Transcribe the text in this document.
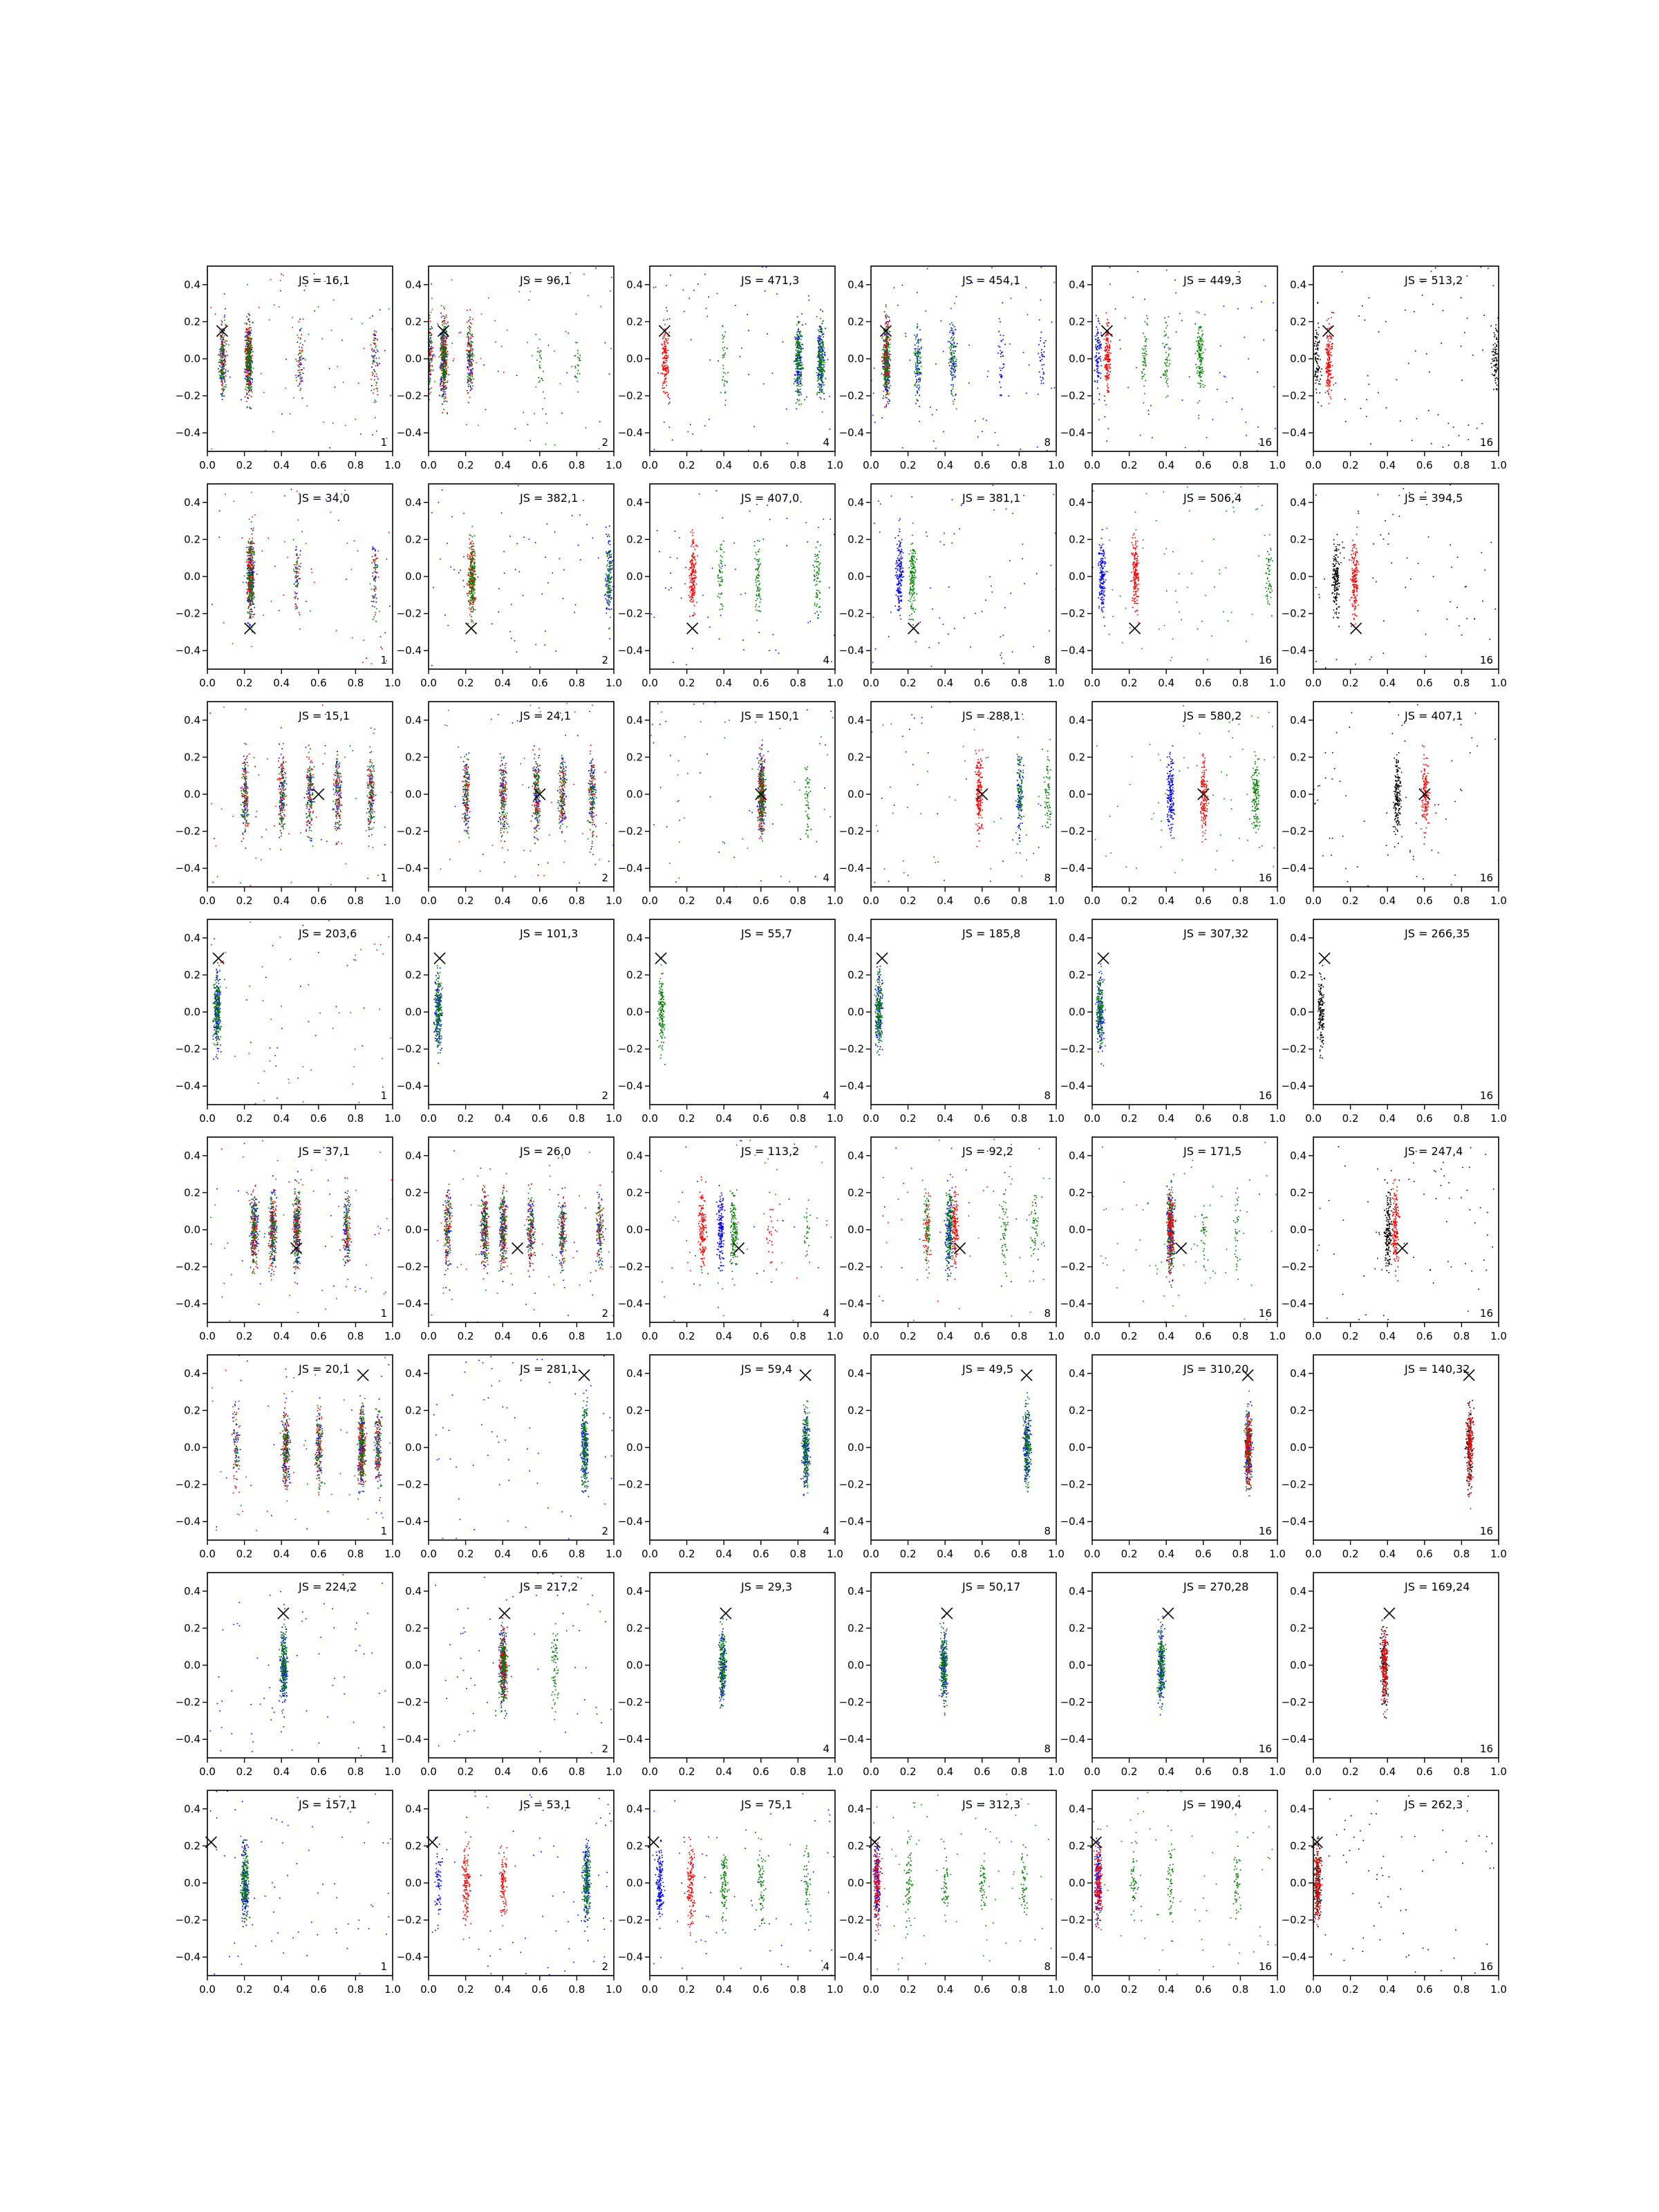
0.0 0.2 0.4 0.6 0.8 1.0
−0.4
−0.2
0.0
0.2
0.4	JS = 16,1
1
0.0 0.2 0.4 0.6 0.8 1.0
−0.4
−0.2
0.0
0.2
0.4	JS = 96,1
2
0.0 0.2 0.4 0.6 0.8 1.0
−0.4
−0.2
0.0
0.2
0.4	JS = 471,3
4
0.0 0.2 0.4 0.6 0.8 1.0
−0.4
−0.2
0.0
0.2
0.4	JS = 454,1
8
0.0 0.2 0.4 0.6 0.8 1.0
−0.4
−0.2
0.0
0.2
0.4	JS = 449,3
16
0.0 0.2 0.4 0.6 0.8 1.0
−0.4
−0.2
0.0
0.2
0.4	JS = 513,2
16
0.0 0.2 0.4 0.6 0.8 1.0
−0.4
−0.2
0.0
0.2
0.4	JS = 34,0
1
0.0 0.2 0.4 0.6 0.8 1.0
−0.4
−0.2
0.0
0.2
0.4	JS = 382,1
2
0.0 0.2 0.4 0.6 0.8 1.0
−0.4
−0.2
0.0
0.2
0.4	JS = 407,0
4
0.0 0.2 0.4 0.6 0.8 1.0
−0.4
−0.2
0.0
0.2
0.4	JS = 381,1
8
0.0 0.2 0.4 0.6 0.8 1.0
−0.4
−0.2
0.0
0.2
0.4	JS = 506,4
16
0.0 0.2 0.4 0.6 0.8 1.0
−0.4
−0.2
0.0
0.2
0.4	JS = 394,5
16
0.0 0.2 0.4 0.6 0.8 1.0
−0.4
−0.2
0.0
0.2
0.4	JS = 15,1
1
0.0 0.2 0.4 0.6 0.8 1.0
−0.4
−0.2
0.0
0.2
0.4	JS = 24,1
2
0.0 0.2 0.4 0.6 0.8 1.0
−0.4
−0.2
0.0
0.2
0.4	JS = 150,1
4
0.0 0.2 0.4 0.6 0.8 1.0
−0.4
−0.2
0.0
0.2
0.4	JS = 288,1
8
0.0 0.2 0.4 0.6 0.8 1.0
−0.4
−0.2
0.0
0.2
0.4	JS = 580,2
16
0.0 0.2 0.4 0.6 0.8 1.0
−0.4
−0.2
0.0
0.2
0.4	JS = 407,1
16
0.0 0.2 0.4 0.6 0.8 1.0
−0.4
−0.2
0.0
0.2
0.4	JS = 203,6
1
0.0 0.2 0.4 0.6 0.8 1.0
−0.4
−0.2
0.0
0.2
0.4	JS = 101,3
2
0.0 0.2 0.4 0.6 0.8 1.0
−0.4
−0.2
0.0
0.2
0.4	JS = 55,7
4
0.0 0.2 0.4 0.6 0.8 1.0
−0.4
−0.2
0.0
0.2
0.4	JS = 185,8
8
0.0 0.2 0.4 0.6 0.8 1.0
−0.4
−0.2
0.0
0.2
0.4	JS = 307,32
16
0.0 0.2 0.4 0.6 0.8 1.0
−0.4
−0.2
0.0
0.2
0.4	JS = 266,35
16
0.0 0.2 0.4 0.6 0.8 1.0
−0.4
−0.2
0.0
0.2
0.4	JS = 37,1
1
0.0 0.2 0.4 0.6 0.8 1.0
−0.4
−0.2
0.0
0.2
0.4	JS = 26,0
2
0.0 0.2 0.4 0.6 0.8 1.0
−0.4
−0.2
0.0
0.2
0.4	JS = 113,2
4
0.0 0.2 0.4 0.6 0.8 1.0
−0.4
−0.2
0.0
0.2
0.4	JS = 92,2
8
0.0 0.2 0.4 0.6 0.8 1.0
−0.4
−0.2
0.0
0.2
0.4	JS = 171,5
16
0.0 0.2 0.4 0.6 0.8 1.0
−0.4
−0.2
0.0
0.2
0.4	JS = 247,4
16
0.0 0.2 0.4 0.6 0.8 1.0
−0.4
−0.2
0.0
0.2
0.4	JS = 20,1
1
0.0 0.2 0.4 0.6 0.8 1.0
−0.4
−0.2
0.0
0.2
0.4	JS = 281,1
2
0.0 0.2 0.4 0.6 0.8 1.0
−0.4
−0.2
0.0
0.2
0.4	JS = 59,4
4
0.0 0.2 0.4 0.6 0.8 1.0
−0.4
−0.2
0.0
0.2
0.4	JS = 49,5
8
0.0 0.2 0.4 0.6 0.8 1.0
−0.4
−0.2
0.0
0.2
0.4	JS = 310,20
16
0.0 0.2 0.4 0.6 0.8 1.0
−0.4
−0.2
0.0
0.2
0.4	JS = 140,32
16
0.0 0.2 0.4 0.6 0.8 1.0
−0.4
−0.2
0.0
0.2
0.4	JS = 224,2
1
0.0 0.2 0.4 0.6 0.8 1.0
−0.4
−0.2
0.0
0.2
0.4	JS = 217,2
2
0.0 0.2 0.4 0.6 0.8 1.0
−0.4
−0.2
0.0
0.2
0.4	JS = 29,3
4
0.0 0.2 0.4 0.6 0.8 1.0
−0.4
−0.2
0.0
0.2
0.4	JS = 50,17
8
0.0 0.2 0.4 0.6 0.8 1.0
−0.4
−0.2
0.0
0.2
0.4	JS = 270,28
16
0.0 0.2 0.4 0.6 0.8 1.0
−0.4
−0.2
0.0
0.2
0.4	JS = 169,24
16
0.0 0.2 0.4 0.6 0.8 1.0
−0.4
−0.2
0.0
0.2
0.4	JS = 157,1
1
0.0 0.2 0.4 0.6 0.8 1.0
−0.4
−0.2
0.0
0.2
0.4	JS = 53,1
2
0.0 0.2 0.4 0.6 0.8 1.0
−0.4
−0.2
0.0
0.2
0.4	JS = 75,1
4
0.0 0.2 0.4 0.6 0.8 1.0
−0.4
−0.2
0.0
0.2
0.4	JS = 312,3
8
0.0 0.2 0.4 0.6 0.8 1.0
−0.4
−0.2
0.0
0.2
0.4	JS = 190,4
16
0.0 0.2 0.4 0.6 0.8 1.0
−0.4
−0.2
0.0
0.2
0.4	JS = 262,3
16
